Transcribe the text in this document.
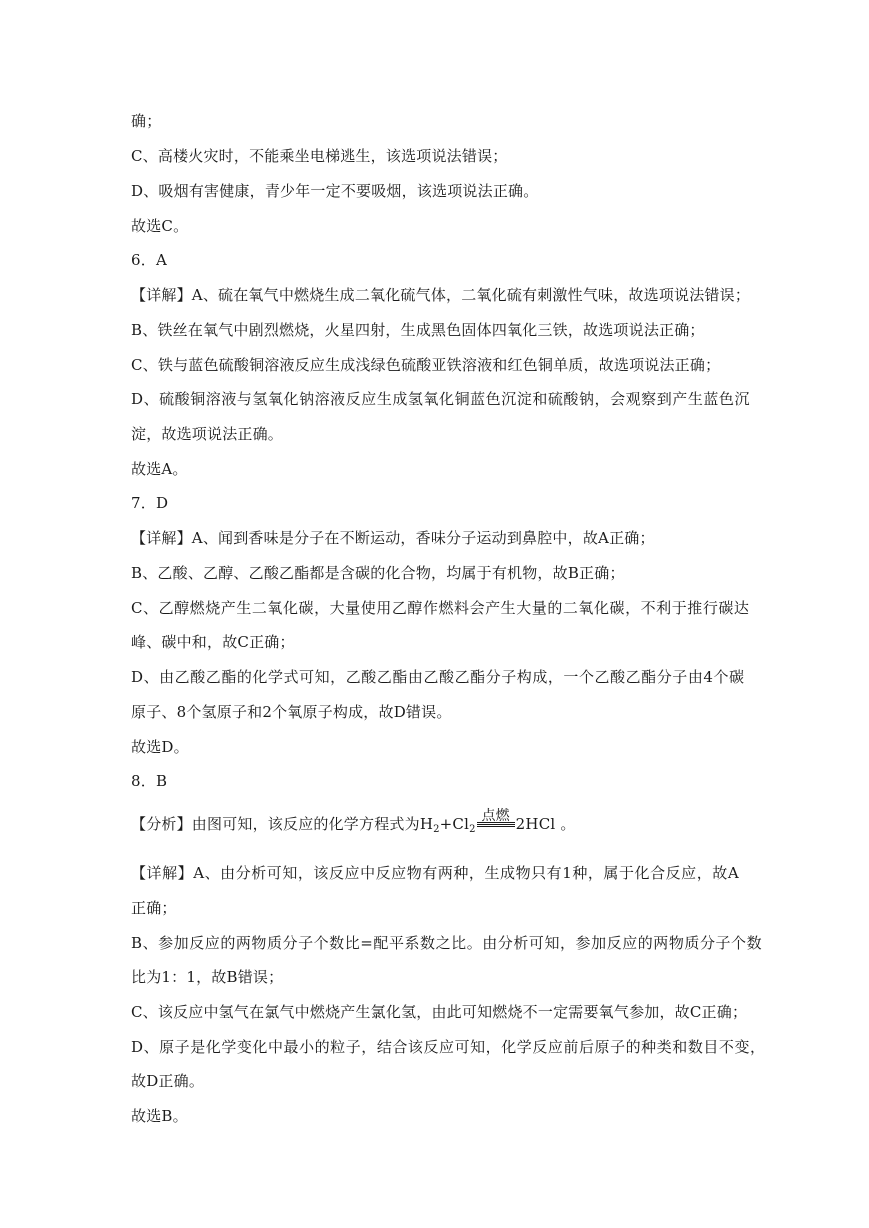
确；
C、高楼火灾时，不能乘坐电梯逃生，该选项说法错误；
D、吸烟有害健康，青少年一定不要吸烟，该选项说法正确。
故选C。
6．A
【详解】A、硫在氧气中燃烧生成二氧化硫气体，二氧化硫有刺激性气味，故选项说法错误；
B、铁丝在氧气中剧烈燃烧，火星四射，生成黑色固体四氧化三铁，故选项说法正确；
C、铁与蓝色硫酸铜溶液反应生成浅绿色硫酸亚铁溶液和红色铜单质，故选项说法正确；
D、硫酸铜溶液与氢氧化钠溶液反应生成氢氧化铜蓝色沉淀和硫酸钠，会观察到产生蓝色沉
淀，故选项说法正确。
故选A。
7．D
【详解】A、闻到香味是分子在不断运动，香味分子运动到鼻腔中，故A正确；
B、乙酸、乙醇、乙酸乙酯都是含碳的化合物，均属于有机物，故B正确；
C、乙醇燃烧产生二氧化碳，大量使用乙醇作燃料会产生大量的二氧化碳，不利于推行碳达
峰、碳中和，故C正确；
D、由乙酸乙酯的化学式可知，乙酸乙酯由乙酸乙酯分子构成，一个乙酸乙酯分子由4个碳
原子、8个氢原子和2个氧原子构成，故D错误。
故选D。
8．B
【分析】由图可知，该反应的化学方程式为$H_2+Cl_2$
点燃 2HCl 。
【详解】A、由分析可知，该反应中反应物有两种，生成物只有1种，属于化合反应，故A
正确；
B、参加反应的两物质分子个数比=配平系数之比。由分析可知，参加反应的两物质分子个数
比为1：1，故B错误；
C、该反应中氢气在氯气中燃烧产生氯化氢，由此可知燃烧不一定需要氧气参加，故C正确；
D、原子是化学变化中最小的粒子，结合该反应可知，化学反应前后原子的种类和数目不变，
故D正确。
故选B。
